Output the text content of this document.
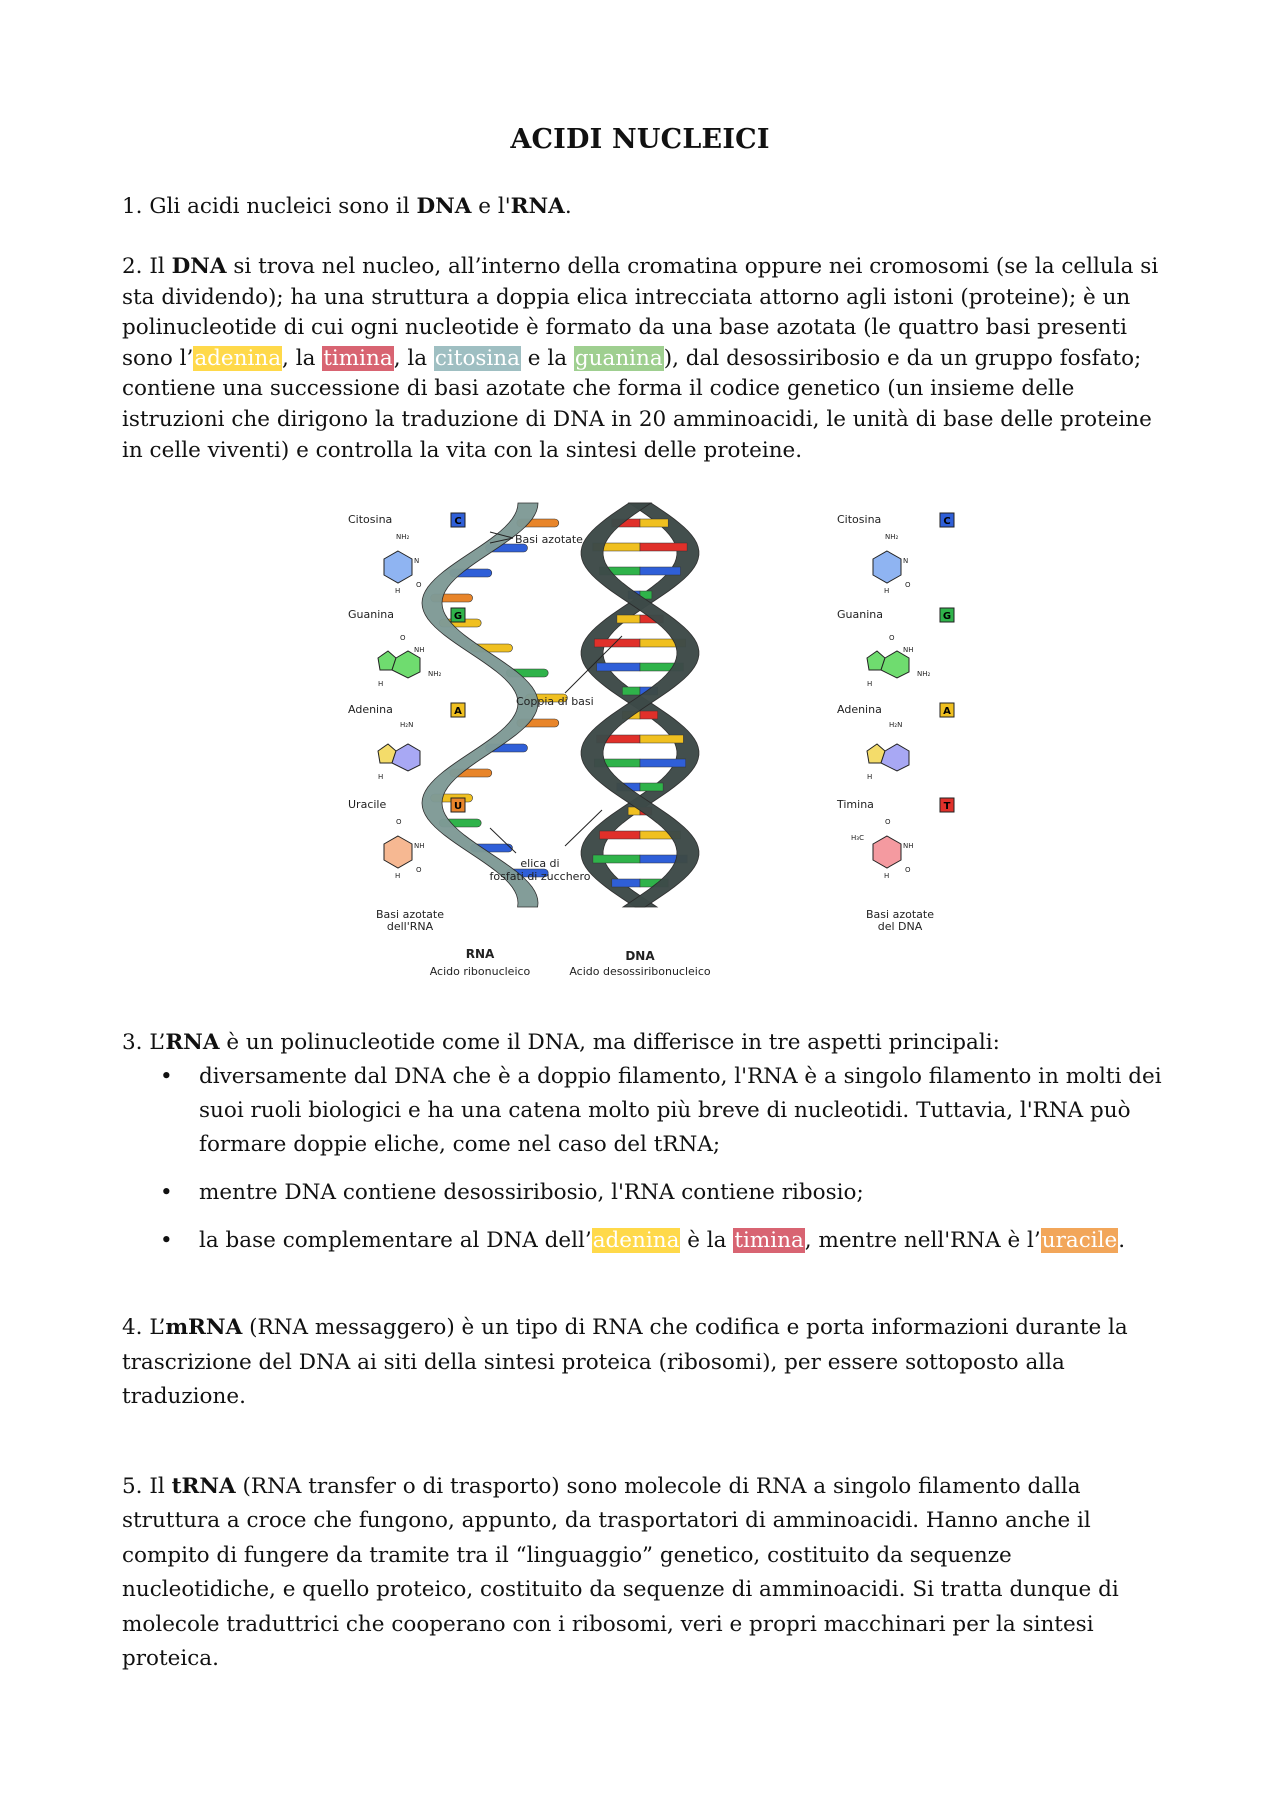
ACIDI NUCLEICI
1. Gli acidi nucleici sono il DNA e l'RNA.
2. Il DNA si trova nel nucleo, all’interno della cromatina oppure nei cromosomi (se la cellula si sta dividendo); ha una struttura a doppia elica intrecciata attorno agli istoni (proteine); è un polinucleotide di cui ogni nucleotide è formato da una base azotata (le quattro basi presenti sono l’adenina, la timina, la citosina e la guanina), dal desossiribosio e da un gruppo fosfato; contiene una successione di basi azotate che forma il codice genetico (un insieme delle istruzioni che dirigono la traduzione di DNA in 20 amminoacidi, le unità di base delle proteine in celle viventi) e controlla la vita con la sintesi delle proteine.
Citosina	C
NH₂
N
O
H
Guanina	G
O
NH
NH₂
H
Adenina	A
H₂N
H
Uracile	U
O
NH
O
H
Basi azotate
dell'RNA
Citosina	C
NH₂
N
O
H
Guanina	G
O
NH
NH₂
H
Adenina	A
H₂N
H
Timina	T
O
H₃C
NH
O
H
Basi azotate
del DNA
Basi azotate
Coppia di basi
elica di
fosfati di zucchero
RNA
Acido ribonucleico
DNA
Acido desossiribonucleico
3. L’RNA è un polinucleotide come il DNA, ma differisce in tre aspetti principali:
• diversamente dal DNA che è a doppio filamento, l'RNA è a singolo filamento in molti dei suoi ruoli biologici e ha una catena molto più breve di nucleotidi. Tuttavia, l'RNA può formare doppie eliche, come nel caso del tRNA;
• mentre DNA contiene desossiribosio, l'RNA contiene ribosio;
• la base complementare al DNA dell’adenina è la timina, mentre nell'RNA è l’uracile.
4. L’mRNA (RNA messaggero) è un tipo di RNA che codifica e porta informazioni durante la trascrizione del DNA ai siti della sintesi proteica (ribosomi), per essere sottoposto alla traduzione.
5. Il tRNA (RNA transfer o di trasporto) sono molecole di RNA a singolo filamento dalla struttura a croce che fungono, appunto, da trasportatori di amminoacidi. Hanno anche il compito di fungere da tramite tra il “linguaggio” genetico, costituito da sequenze nucleotidiche, e quello proteico, costituito da sequenze di amminoacidi. Si tratta dunque di molecole traduttrici che cooperano con i ribosomi, veri e propri macchinari per la sintesi proteica.
